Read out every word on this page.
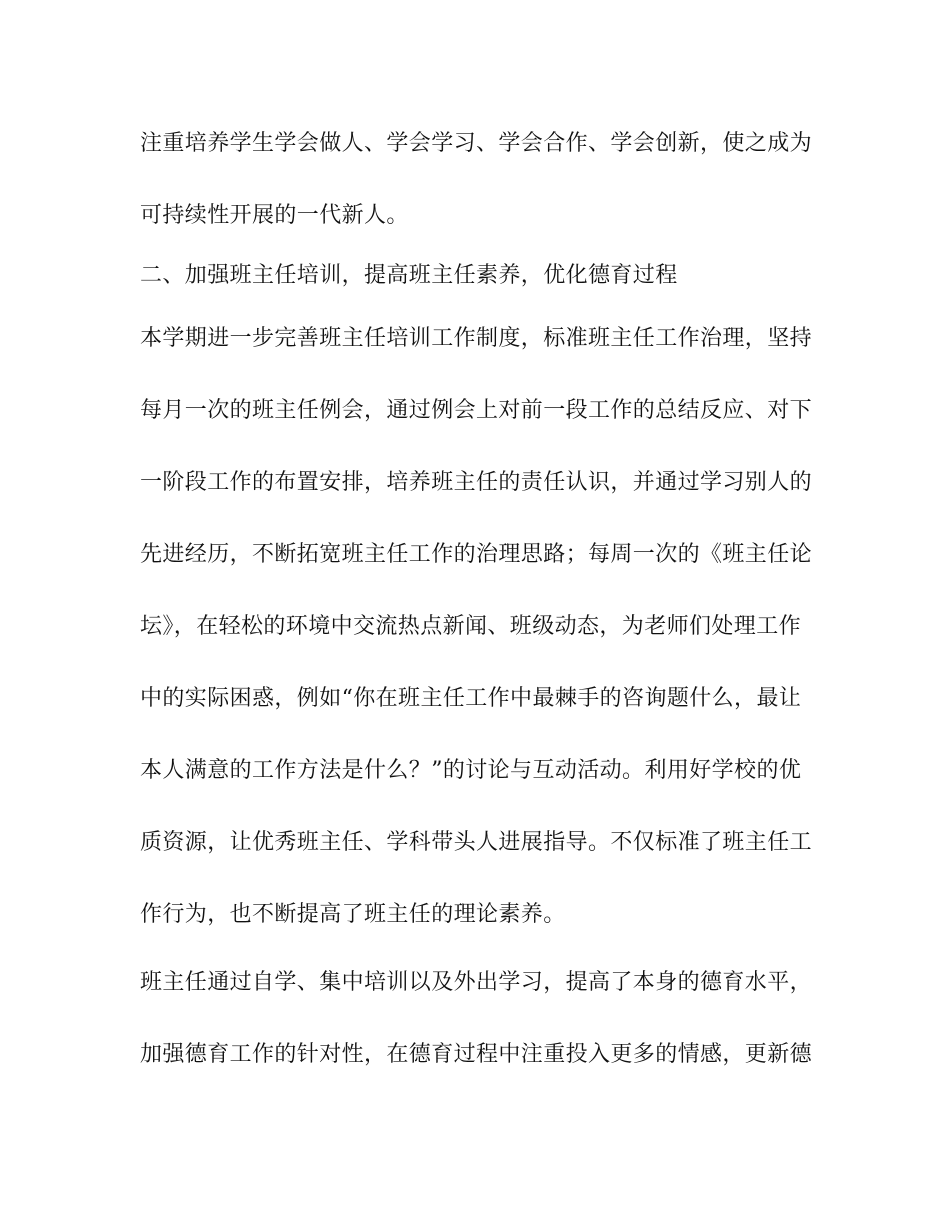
注重培养学生学会做人、学会学习、学会合作、学会创新，使之成为
可持续性开展的一代新人。
二、加强班主任培训，提高班主任素养，优化德育过程
本学期进一步完善班主任培训工作制度，标准班主任工作治理，坚持
每月一次的班主任例会，通过例会上对前一段工作的总结反应、对下
一阶段工作的布置安排，培养班主任的责任认识，并通过学习别人的
先进经历，不断拓宽班主任工作的治理思路；每周一次的《班主任论
坛》，在轻松的环境中交流热点新闻、班级动态，为老师们处理工作
中的实际困惑，例如“你在班主任工作中最棘手的咨询题什么，最让
本人满意的工作方法是什么？”的讨论与互动活动。利用好学校的优
质资源，让优秀班主任、学科带头人进展指导。不仅标准了班主任工
作行为，也不断提高了班主任的理论素养。
班主任通过自学、集中培训以及外出学习，提高了本身的德育水平，
加强德育工作的针对性，在德育过程中注重投入更多的情感，更新德
